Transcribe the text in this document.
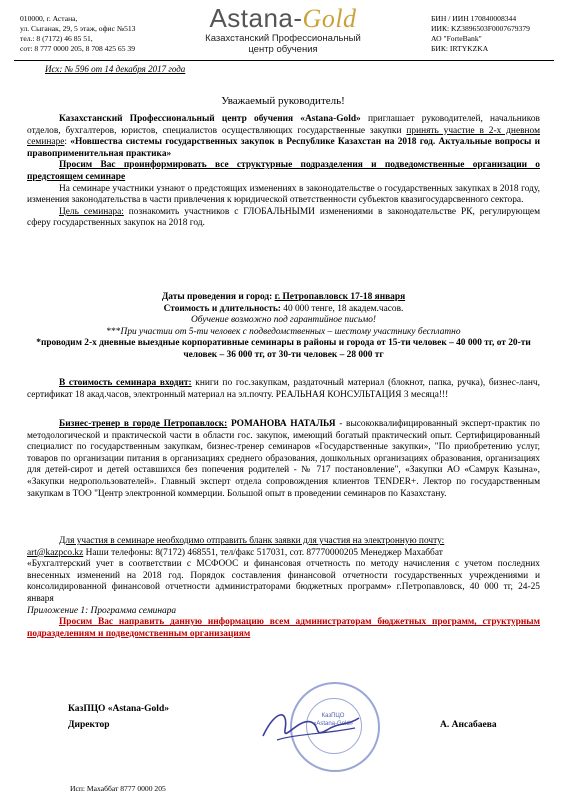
010000, г. Астана,
ул. Сыганак, 29, 5 этаж, офис №513
тел.: 8 (7172) 46 85 51,
сот: 8 777 0000 205, 8 708 425 65 39
Astana-Gold
Казахстанский Профессиональный
центр обучения
БИН / ИИН 170840008344
ИИК: KZ3896503F0007679379
АО "ForteBank"
БИК: IRTYKZKA
Исх: № 596 от 14 декабря 2017 года
Уважаемый руководитель!

Казахстанский Профессиональный центр обучения «Astana-Gold» приглашает руководителей, начальников отделов, бухгалтеров, юристов, специалистов осуществляющих государственные закупки принять участие в 2-х дневном семинаре: «Новшества системы государственных закупок в Республике Казахстан на 2018 год. Актуальные вопросы и правоприменительная практика»

Просим Вас проинформировать все структурные подразделения и подведомственные организации о предстоящем семинаре

На семинаре участники узнают о предстоящих изменениях в законодательстве о государственных закупках в 2018 году, изменения законодательства в части привлечения к юридической ответственности субъектов квазигосударсвенного сектора.

Цель семинара: познакомить участников с ГЛОБАЛЬНЫМИ изменениями в законодательстве РК, регулирующем сферу государственных закупок на 2018 год.

Даты проведения и город: г. Петропавловск 17-18 января

Стоимость и длительность: 40 000 тенге, 18 академ.часов.

Обучение возможно под гарантийное письмо!

***При участии от 5-ти человек с подведомственных – шестому участнику бесплатно

*проводим 2-х дневные выездные корпоративные семинары в районы и города от 15-ти человек – 40 000 тг, от 20-ти человек – 36 000 тг, от 30-ти человек – 28 000 тг

В стоимость семинара входит: книги по гос.закупкам, раздаточный материал (блокнот, папка, ручка), бизнес-ланч, сертификат 18 акад.часов, электронный материал на эл.почту. РЕАЛЬНАЯ КОНСУЛЬТАЦИЯ 3 месяца!!!

Бизнес-тренер в городе Петропавлоск: РОМАНОВА НАТАЛЬЯ - высококвалифицированный эксперт-практик по методологической и практической части в области гос. закупок, имеющий богатый практический опыт. Сертифицированный специалист по государственным закупкам, бизнес-тренер семинаров «Государственные закупки», "По приобретению услуг, товаров по организации питания в организациях среднего образования, дошкольных организациях образования, организациях для детей-сирот и детей оставшихся без попечения родителей - № 717 постановление", «Закупки АО «Самрук Казына», «Закупки недропользователей». Главный эксперт отдела сопровождения клиентов TENDER+. Лектор по государственным закупкам в ТОО "Центр электронной коммерции. Большой опыт в проведении семинаров по Казахстану.

Для участия в семинаре необходимо отправить бланк заявки для участия на электронную почту:

art@kazpco.kz Наши телефоны: 8(7172) 468551, тел/факс 517031, сот. 87770000205 Менеджер Махаббат

«Бухгалтерский учет в соответствии с МСФООС и финансовая отчетность по методу начисления с учетом последних внесенных изменений на 2018 год. Порядок составления финансовой отчетности государственных учреждениями и консолидированной финансовой отчетности администраторами бюджетных программ» г.Петропавловск, 40 000 тг, 24-25 января

Приложение 1: Программа семинара

Просим Вас направить данную информацию всем администраторам бюджетных программ, структурным подразделениям и подведомственным организациям

КазПЦО «Astana-Gold»
Директор	А. Ансабаева
КазПЦО
«Astana-Gold»
Исп: Махаббат 8777 0000 205
